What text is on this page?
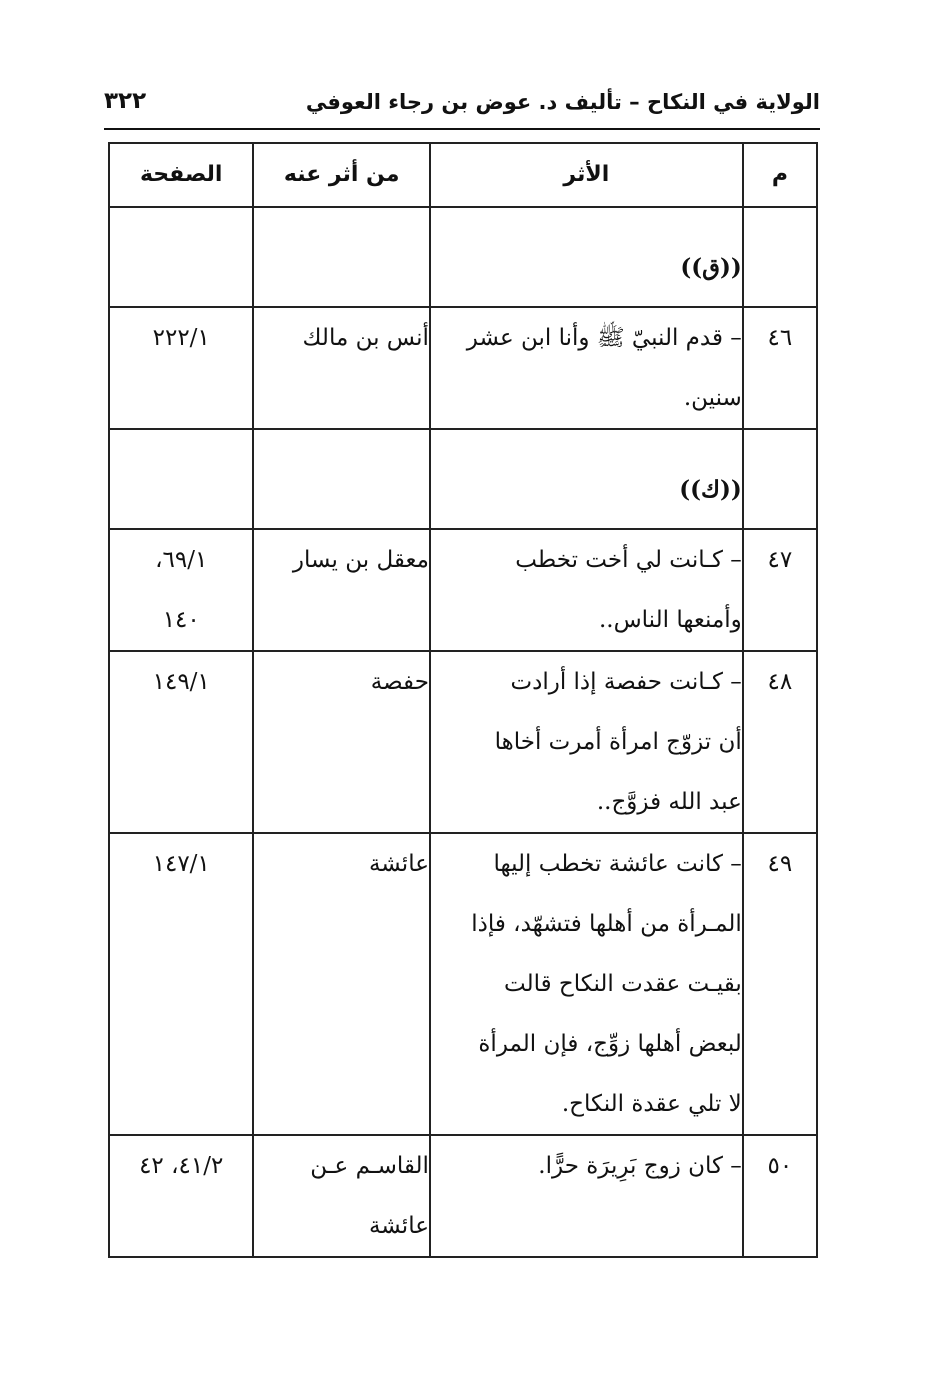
الولاية في النكاح – تأليف د. عوض بن رجاء العوفي
٣٢٢
م	الأثر	من أثر عنه	الصفحة

	((ق))		

٤٦	– قدم النبيّ ﷺ وأنا ابن عشر
سنين.	أنس بن مالك	٢٢٢/١

	((ك))		

٤٧	– كـانت لي أخت تخطب
وأمنعها الناس..	معقل بن يسار	٦٩/١،
١٤٠

٤٨	– كـانت حفصة إذا أرادت
أن تزوّج امرأة أمرت أخاها
عبد الله فزوَّج..	حفصة	١٤٩/١

٤٩	– كانت عائشة تخطب إليها
المـرأة من أهلها فتشهّد، فإذا
بقيـت عقدت النكاح قالت
لبعض أهلها زوِّج، فإن المرأة
لا تلي عقدة النكاح.	عائشة	١٤٧/١

٥٠	– كان زوج بَرِيرَة حرًّا.	القاسـم عـن عائشة	٤١/٢، ٤٢
